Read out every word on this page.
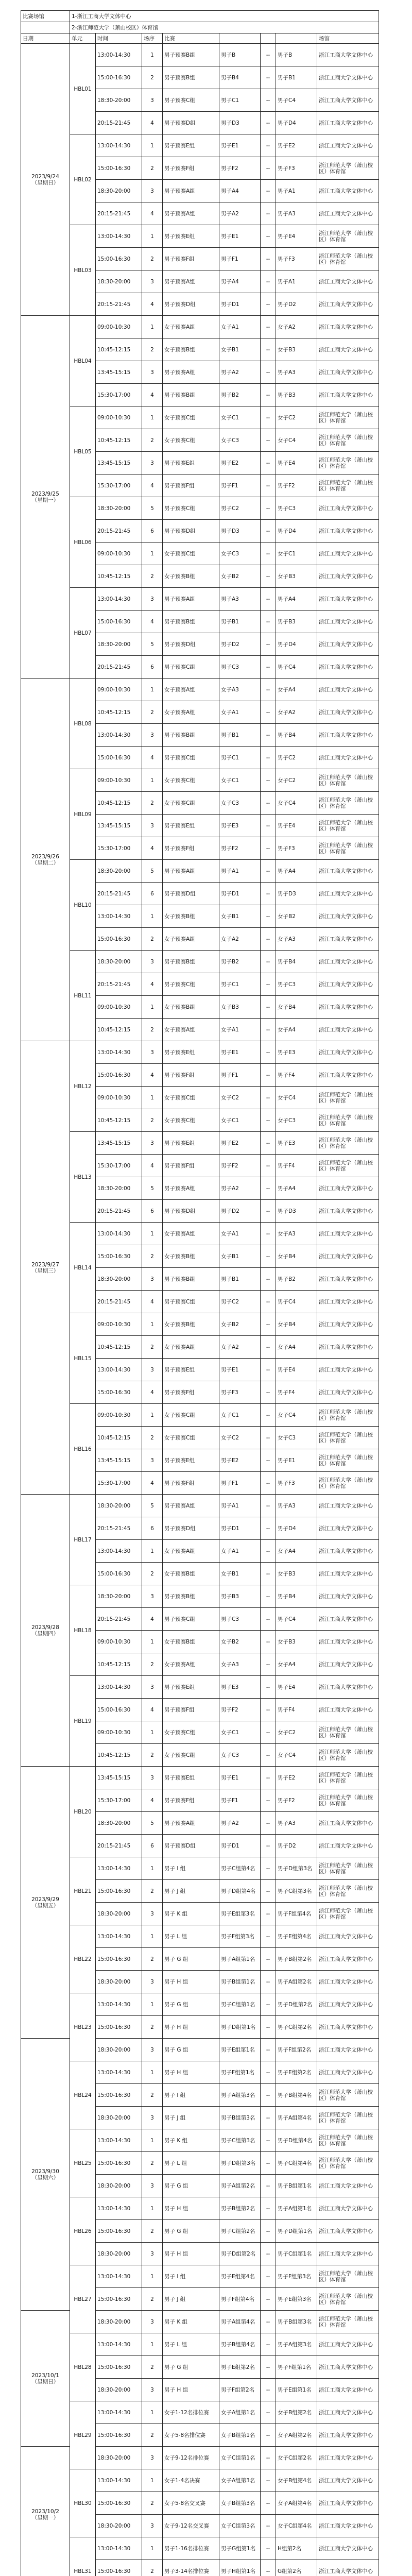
比赛场馆	1-浙江工商大学文体中心							
	2-浙江师范大学（萧山校区）体育馆							
日期	单元	时间	场序	比赛				场馆

2023/9/24
（星期日）	HBL01	13:00-14:30	1	男子预赛B组	男子B	--	男子B	浙江工商大学文体中心
		15:00-16:30	2	男子预赛B组	男子B4	--	男子B1	浙江工商大学文体中心
		18:30-20:00	3	男子预赛C组	男子C1	--	男子C4	浙江工商大学文体中心
		20:15-21:45	4	男子预赛D组	男子D3	--	男子D4	浙江工商大学文体中心
	HBL02	13:00-14:30	1	男子预赛E组	男子E1	--	男子E2	浙江工商大学文体中心
		15:00-16:30	2	男子预赛F组	男子F2	--	男子F3	浙江师范大学（萧山校区）体育馆
		18:30-20:00	3	男子预赛A组	男子A4	--	男子A1	浙江工商大学文体中心
		20:15-21:45	4	男子预赛A组	男子A2	--	男子A3	浙江工商大学文体中心
	HBL03	13:00-14:30	1	男子预赛E组	男子E1	--	男子E4	浙江师范大学（萧山校区）体育馆
		15:00-16:30	2	男子预赛F组	男子F1	--	男子F3	浙江师范大学（萧山校区）体育馆
		18:30-20:00	3	男子预赛A组	男子A4	--	男子A1	浙江工商大学文体中心
		20:15-21:45	4	男子预赛D组	男子D1	--	男子D2	浙江工商大学文体中心

2023/9/25
（星期一）	HBL04	09:00-10:30	1	女子预赛A组	女子A1	--	女子A2	浙江工商大学文体中心
		10:45-12:15	2	女子预赛B组	女子B1	--	女子B3	浙江工商大学文体中心
		13:45-15:15	3	男子预赛A组	男子A2	--	男子A3	浙江工商大学文体中心
		15:30-17:00	4	男子预赛B组	男子B2	--	男子B3	浙江工商大学文体中心
	HBL05	09:00-10:30	1	女子预赛C组	女子C1	--	女子C2	浙江师范大学（萧山校区）体育馆
		10:45-12:15	2	女子预赛C组	女子C3	--	女子C4	浙江师范大学（萧山校区）体育馆
		13:45-15:15	3	男子预赛E组	男子E2	--	男子E4	浙江师范大学（萧山校区）体育馆
		15:30-17:00	4	男子预赛F组	男子F1	--	男子F2	浙江师范大学（萧山校区）体育馆
	HBL06	18:30-20:00	5	男子预赛C组	男子C2	--	男子C3	浙江工商大学文体中心
		20:15-21:45	6	男子预赛D组	男子D3	--	男子D4	浙江工商大学文体中心
		09:00-10:30	1	女子预赛C组	女子C3	--	女子C1	浙江工商大学文体中心
		10:45-12:15	2	女子预赛B组	女子B2	--	女子B3	浙江工商大学文体中心
	HBL07	13:00-14:30	3	男子预赛A组	男子A3	--	男子A4	浙江工商大学文体中心
		15:00-16:30	4	男子预赛B组	男子B1	--	男子B3	浙江工商大学文体中心
		18:30-20:00	5	男子预赛D组	男子D2	--	男子D4	浙江工商大学文体中心
		20:15-21:45	6	男子预赛C组	男子C3	--	男子C4	浙江工商大学文体中心

2023/9/26
（星期二）	HBL08	09:00-10:30	1	女子预赛A组	女子A3	--	女子A4	浙江工商大学文体中心
		10:45-12:15	2	女子预赛A组	女子A1	--	女子A2	浙江工商大学文体中心
		13:00-14:30	3	男子预赛B组	男子B1	--	男子B4	浙江工商大学文体中心
		15:00-16:30	4	男子预赛C组	男子C1	--	男子C2	浙江工商大学文体中心
	HBL09	09:00-10:30	1	女子预赛C组	女子C1	--	女子C2	浙江师范大学（萧山校区）体育馆
		10:45-12:15	2	女子预赛C组	女子C3	--	女子C4	浙江师范大学（萧山校区）体育馆
		13:45-15:15	3	男子预赛E组	男子E3	--	男子E4	浙江师范大学（萧山校区）体育馆
		15:30-17:00	4	男子预赛F组	男子F2	--	男子F3	浙江师范大学（萧山校区）体育馆
	HBL10	18:30-20:00	5	男子预赛A组	男子A1	--	男子A4	浙江工商大学文体中心
		20:15-21:45	6	男子预赛D组	男子D1	--	男子D3	浙江工商大学文体中心
		13:00-14:30	1	女子预赛B组	女子B1	--	女子B2	浙江工商大学文体中心
		15:00-16:30	2	女子预赛A组	女子A2	--	女子A3	浙江工商大学文体中心
	HBL11	18:30-20:00	3	男子预赛B组	男子B2	--	男子B4	浙江工商大学文体中心
		20:15-21:45	4	男子预赛C组	男子C1	--	男子C3	浙江工商大学文体中心
		09:00-10:30	1	女子预赛B组	女子B3	--	女子B4	浙江工商大学文体中心
		10:45-12:15	2	女子预赛A组	女子A1	--	女子A4	浙江工商大学文体中心

2023/9/27
（星期三）	HBL12	13:00-14:30	3	男子预赛E组	男子E1	--	男子E3	浙江工商大学文体中心
		15:00-16:30	4	男子预赛F组	男子F1	--	男子F4	浙江工商大学文体中心
		09:00-10:30	1	女子预赛C组	女子C2	--	女子C4	浙江师范大学（萧山校区）体育馆
		10:45-12:15	2	女子预赛C组	女子C1	--	女子C3	浙江师范大学（萧山校区）体育馆
	HBL13	13:45-15:15	3	男子预赛E组	男子E2	--	男子E3	浙江师范大学（萧山校区）体育馆
		15:30-17:00	4	男子预赛F组	男子F2	--	男子F4	浙江师范大学（萧山校区）体育馆
		18:30-20:00	5	男子预赛A组	男子A2	--	男子A4	浙江工商大学文体中心
		20:15-21:45	6	男子预赛D组	男子D2	--	男子D3	浙江工商大学文体中心
	HBL14	13:00-14:30	1	女子预赛A组	女子A1	--	女子A3	浙江工商大学文体中心
		15:00-16:30	2	女子预赛B组	女子B1	--	女子B4	浙江工商大学文体中心
		18:30-20:00	3	男子预赛B组	男子B1	--	男子B2	浙江工商大学文体中心
		20:15-21:45	4	男子预赛C组	男子C2	--	男子C4	浙江工商大学文体中心
	HBL15	09:00-10:30	1	女子预赛B组	女子B2	--	女子B4	浙江工商大学文体中心
		10:45-12:15	2	女子预赛A组	女子A2	--	女子A4	浙江工商大学文体中心
		13:00-14:30	3	男子预赛E组	男子E1	--	男子E4	浙江工商大学文体中心
		15:00-16:30	4	男子预赛F组	男子F3	--	男子F4	浙江工商大学文体中心
	HBL16	09:00-10:30	1	女子预赛C组	女子C1	--	女子C4	浙江师范大学（萧山校区）体育馆
		10:45-12:15	2	女子预赛C组	女子C2	--	女子C3	浙江师范大学（萧山校区）体育馆
		13:45-15:15	3	男子预赛E组	男子E2	--	男子E1	浙江师范大学（萧山校区）体育馆
		15:30-17:00	4	男子预赛F组	男子F1	--	男子F3	浙江师范大学（萧山校区）体育馆

2023/9/28
（星期四）	HBL17	18:30-20:00	5	男子预赛A组	男子A1	--	男子A3	浙江工商大学文体中心
		20:15-21:45	6	男子预赛D组	男子D1	--	男子D4	浙江工商大学文体中心
		13:00-14:30	1	女子预赛A组	女子A1	--	女子A4	浙江工商大学文体中心
		15:00-16:30	2	女子预赛B组	女子B1	--	女子B3	浙江工商大学文体中心
	HBL18	18:30-20:00	3	男子预赛B组	男子B3	--	男子B4	浙江工商大学文体中心
		20:15-21:45	4	男子预赛C组	男子C3	--	男子C4	浙江工商大学文体中心
		09:00-10:30	1	女子预赛B组	女子B2	--	女子B3	浙江工商大学文体中心
		10:45-12:15	2	女子预赛A组	女子A3	--	女子A4	浙江工商大学文体中心
	HBL19	13:00-14:30	3	男子预赛E组	男子E3	--	男子E4	浙江工商大学文体中心
		15:00-16:30	4	男子预赛F组	男子F2	--	男子F4	浙江工商大学文体中心
		09:00-10:30	1	女子预赛C组	女子C1	--	女子C2	浙江师范大学（萧山校区）体育馆
		10:45-12:15	2	女子预赛C组	女子C3	--	女子C4	浙江师范大学（萧山校区）体育馆

2023/9/29
（星期五）	HBL20	13:45-15:15	3	男子预赛E组	男子E1	--	男子E2	浙江师范大学（萧山校区）体育馆
		15:30-17:00	4	男子预赛F组	男子F1	--	男子F2	浙江师范大学（萧山校区）体育馆
		18:30-20:00	5	男子预赛A组	男子A2	--	男子A3	浙江工商大学文体中心
		20:15-21:45	6	男子预赛D组	男子D1	--	男子D2	浙江工商大学文体中心
	HBL21	13:00-14:30	1	男子 I 组	男子C组第4名	--	男子D组第3名	浙江师范大学（萧山校区）体育馆
		15:00-16:30	2	男子 J 组	男子D组第4名	--	男子C组第3名	浙江师范大学（萧山校区）体育馆
		18:30-20:00	3	男子 K 组	男子E组第3名	--	男子F组第4名	浙江师范大学（萧山校区）体育馆
	HBL22	13:00-14:30	1	男子 L 组	男子F组第3名	--	男子E组第4名	浙江工商大学文体中心
		15:00-16:30	2	男子 G 组	男子A组第1名	--	男子B组第2名	浙江工商大学文体中心
		18:30-20:00	3	男子 H 组	男子B组第1名	--	男子A组第2名	浙江工商大学文体中心
	HBL23	13:00-14:30	1	男子 G 组	男子C组第1名	--	男子D组第2名	浙江工商大学文体中心
		15:00-16:30	2	男子 H 组	男子D组第1名	--	男子C组第2名	浙江工商大学文体中心

2023/9/30
（星期六）		18:30-20:00	3	男子 G 组	男子E组第1名	--	男子F组第2名	浙江工商大学文体中心
	HBL24	13:00-14:30	1	男子 H 组	男子F组第1名	--	男子E组第2名	浙江工商大学文体中心
		15:00-16:30	2	男子 I 组	男子A组第3名	--	男子B组第4名	浙江师范大学（萧山校区）体育馆
		18:30-20:00	3	男子 J 组	男子B组第3名	--	男子A组第4名	浙江师范大学（萧山校区）体育馆
	HBL25	13:00-14:30	1	男子 K 组	男子C组第3名	--	男子D组第4名	浙江师范大学（萧山校区）体育馆
		15:00-16:30	2	男子 L 组	男子D组第3名	--	男子C组第4名	浙江师范大学（萧山校区）体育馆
		18:30-20:00	3	男子 G 组	男子A组第2名	--	男子B组第1名	浙江工商大学文体中心
	HBL26	13:00-14:30	1	男子 H 组	男子B组第2名	--	男子A组第1名	浙江工商大学文体中心
		15:00-16:30	2	男子 G 组	男子C组第2名	--	男子D组第1名	浙江工商大学文体中心
		18:30-20:00	3	男子 H 组	男子D组第2名	--	男子C组第1名	浙江工商大学文体中心
	HBL27	13:00-14:30	1	男子 I 组	男子E组第4名	--	男子F组第3名	浙江师范大学（萧山校区）体育馆
		15:00-16:30	2	男子 J 组	男子F组第4名	--	男子E组第3名	浙江师范大学（萧山校区）体育馆

2023/10/1
（星期日）		18:30-20:00	3	男子 K 组	男子A组第4名	--	男子B组第3名	浙江师范大学（萧山校区）体育馆
	HBL28	13:00-14:30	1	男子 L 组	男子B组第4名	--	男子A组第3名	浙江工商大学文体中心
		15:00-16:30	2	男子 G 组	男子E组第2名	--	男子F组第1名	浙江工商大学文体中心
		18:30-20:00	3	男子 H 组	男子F组第2名	--	男子E组第1名	浙江工商大学文体中心
	HBL29	13:00-14:30	1	女子1-12名排位赛	女子A组第1名	--	女子B组第2名	浙江工商大学文体中心
		15:00-16:30	2	女子5-8名排位赛	女子B组第1名	--	女子A组第2名	浙江工商大学文体中心

2023/10/2
（星期一）		18:30-20:00	3	女子9-12名排位赛	女子C组第1名	--	女子C组第2名	浙江工商大学文体中心
	HBL30	13:00-14:30	1	女子1-4名决赛	女子A组第3名	--	女子B组第4名	浙江工商大学文体中心
		15:00-16:30	2	女子5-8名交叉赛	女子B组第3名	--	女子A组第4名	浙江工商大学文体中心
		18:30-20:00	3	女子9-12名交叉赛	女子C组第3名	--	女子C组第4名	浙江工商大学文体中心
	HBL31	13:00-14:30	1	男子1-16名排位赛	男子G组第1名	--	H组第2名	浙江工商大学文体中心
		15:00-16:30	2	男子3-14名排位赛	男子H组第1名	--	G组第2名	浙江工商大学文体中心
